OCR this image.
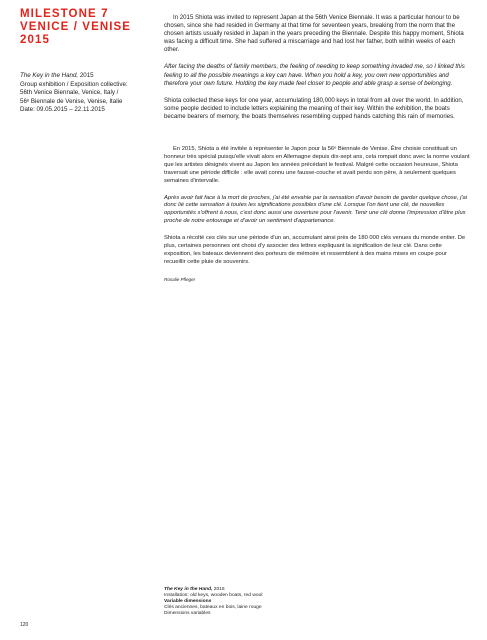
MILESTONE 7
VENICE / VENISE
2015
The Key in the Hand, 2015
Group exhibition / Exposition collective:
56th Venice Biennale, Venice, Italy /
56ᵉ Biennale de Venise, Venise, Italie
Date: 09.05.2015 – 22.11.2015

In 2015 Shiota was invited to represent Japan at the 56th Venice Biennale. It was a particular honour to be chosen, since she had resided in Germany at that time for seventeen years, breaking from the norm that the chosen artists usually resided in Japan in the years preceding the Biennale. Despite this happy moment, Shiota was facing a difficult time. She had suffered a miscarriage and had lost her father, both within weeks of each other.

After facing the deaths of family members, the feeling of needing to keep something invaded me, so I linked this feeling to all the possible meanings a key can have. When you hold a key, you own new opportunities and therefore your own future. Holding the key made feel closer to people and able grasp a sense of belonging.

Shiota collected these keys for one year, accumulating 180,000 keys in total from all over the world. In addition, some people decided to include letters explaining the meaning of their key. Within the exhibition, the boats became bearers of memory, the boats themselves resembling cupped hands catching this rain of memories.

En 2015, Shiota a été invitée à représenter le Japon pour la 56ᵉ Biennale de Venise. Être choisie constituait un honneur très spécial puisqu'elle vivait alors en Allemagne depuis dix-sept ans, cela rompait donc avec la norme voulant que les artistes désignés vivent au Japon les années précédant le festival. Malgré cette occasion heureuse, Shiota traversait une période difficile : elle avait connu une fausse-couche et avait perdu son père, à seulement quelques semaines d'intervalle.

Après avoir fait face à la mort de proches, j'ai été envahie par la sensation d'avoir besoin de garder quelque chose, j'ai donc lié cette sensation à toutes les significations possibles d'une clé. Lorsque l'on tient une clé, de nouvelles opportunités s'offrent à nous, c'est donc aussi une ouverture pour l'avenir. Tenir une clé donne l'impression d'être plus proche de notre entourage et d'avoir un sentiment d'appartenance.

Shiota a récolté ces clés sur une période d'un an, accumulant ainsi près de 180 000 clés venues du monde entier. De plus, certaines personnes ont choisi d'y associer des lettres expliquant la signification de leur clé. Dans cette exposition, les bateaux deviennent des porteurs de mémoire et ressemblent à des mains mises en coupe pour recueillir cette pluie de souvenirs.

Rosalie Pfleger
The Key in the Hand, 2015
Installation: old keys, wooden boats, red wool
Variable dimensions
Clés anciennes, bateaux en bois, laine rouge
Dimensions variables
120
